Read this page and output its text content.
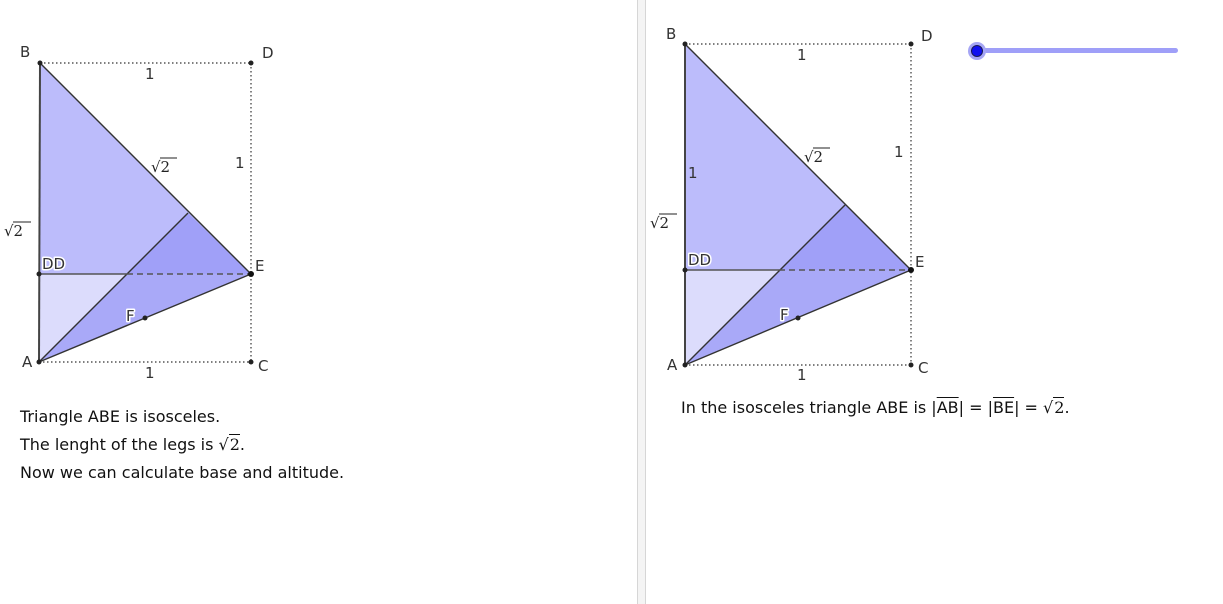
B	D
E
A	C
DD
F
1
1
1
√2
√2
Triangle ABE is isosceles.
The lenght of the legs is √2.
Now we can calculate base and altitude.
B	D
E
A	C
DD
F
1
1
1
√2
1
√2
In the isosceles triangle ABE is $|\overline{AB}| = |\overline{BE}| = √2$.
